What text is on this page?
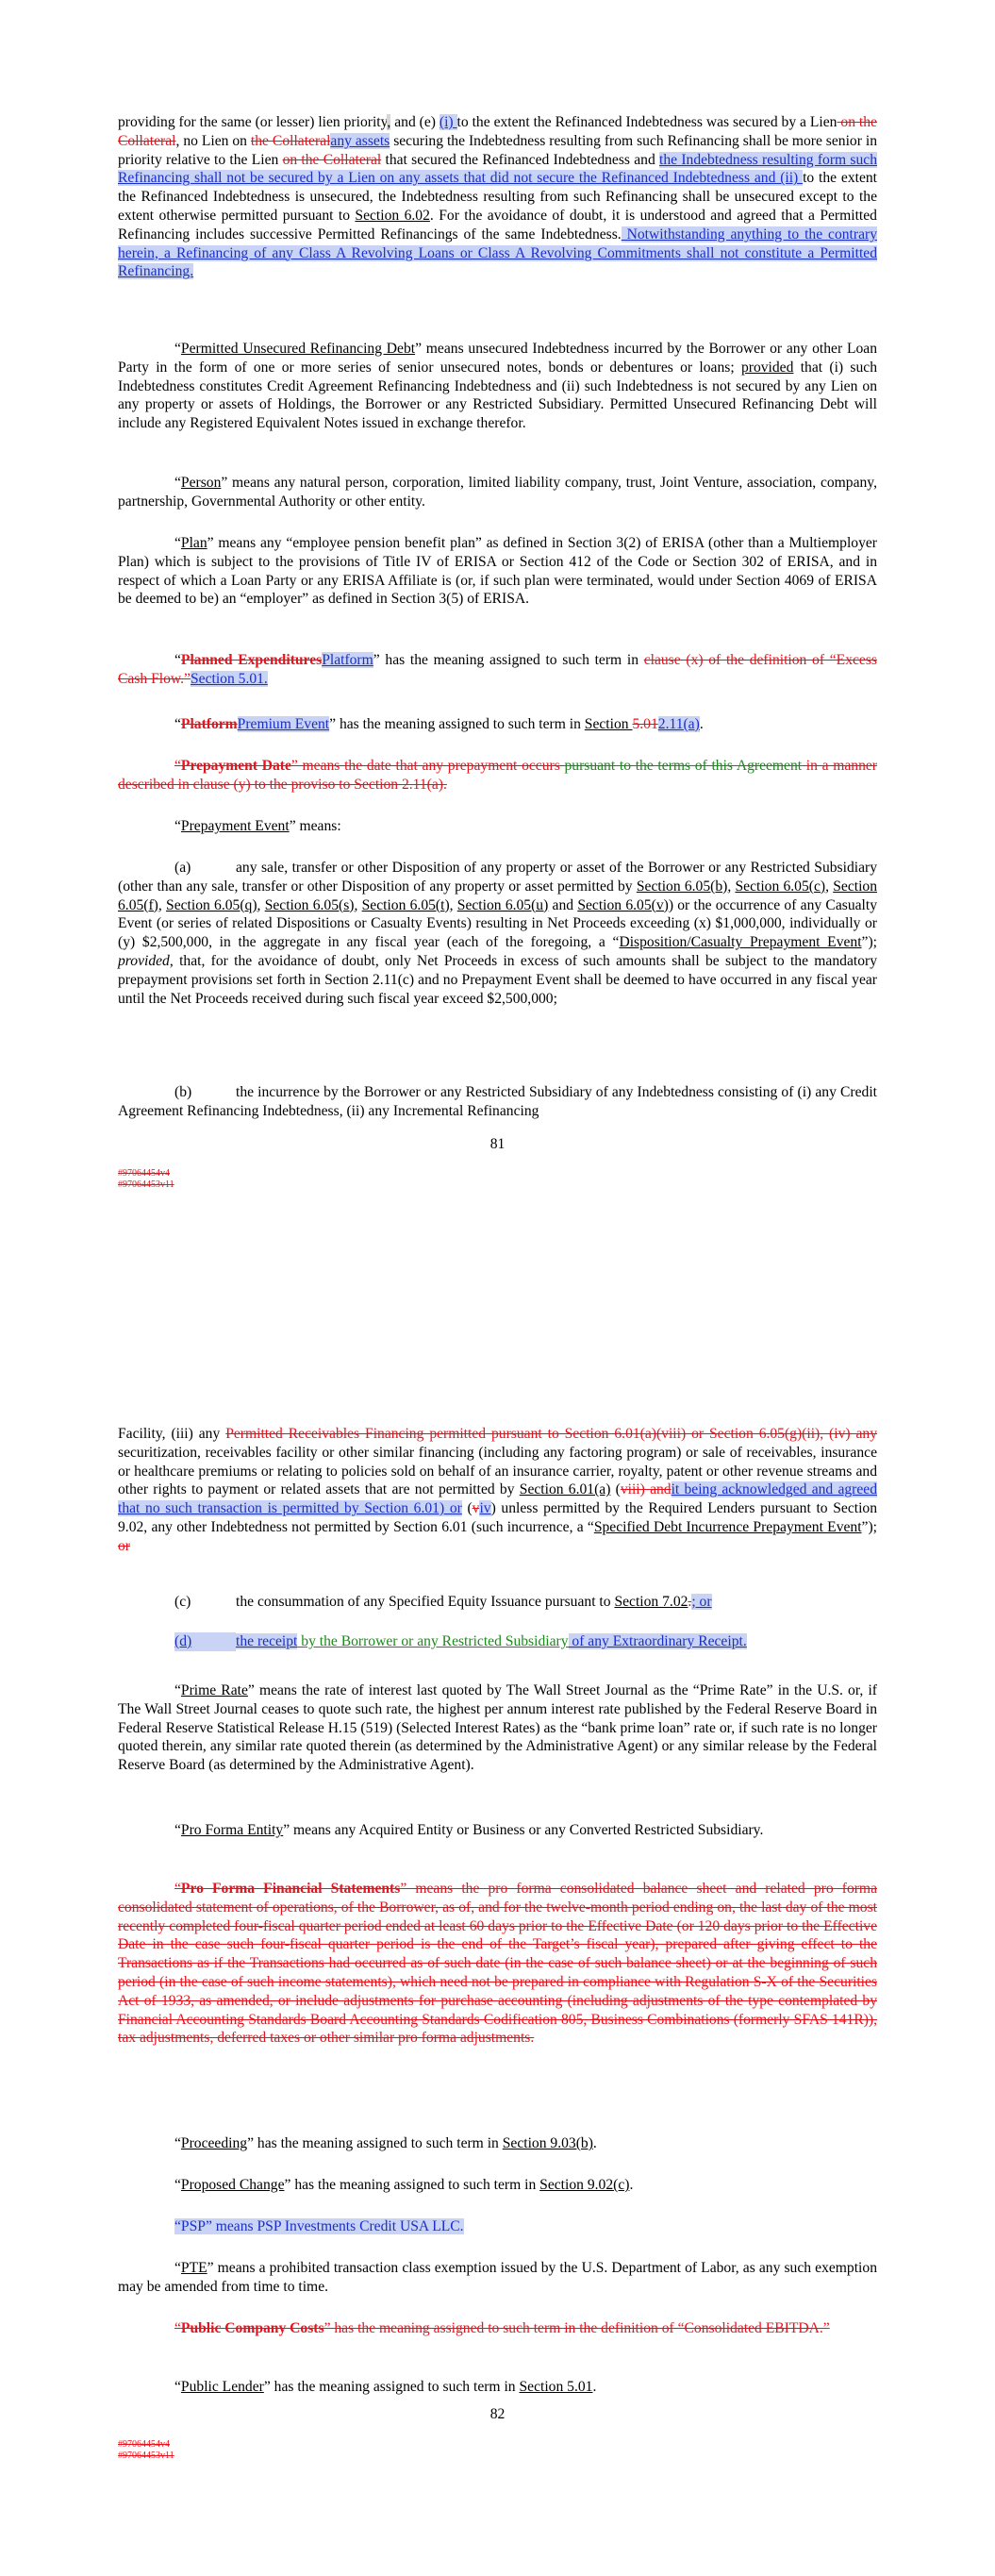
providing for the same (or lesser) lien priority, and (e) (i) to the extent the Refinanced Indebtedness was secured by a Lien on the Collateral, no Lien on the Collateralany assets securing the Indebtedness resulting from such Refinancing shall be more senior in priority relative to the Lien on the Collateral that secured the Refinanced Indebtedness and the Indebtedness resulting form such Refinancing shall not be secured by a Lien on any assets that did not secure the Refinanced Indebtedness and (ii) to the extent the Refinanced Indebtedness is unsecured, the Indebtedness resulting from such Refinancing shall be unsecured except to the extent otherwise permitted pursuant to Section 6.02. For the avoidance of doubt, it is understood and agreed that a Permitted Refinancing includes successive Permitted Refinancings of the same Indebtedness. Notwithstanding anything to the contrary herein, a Refinancing of any Class A Revolving Loans or Class A Revolving Commitments shall not constitute a Permitted Refinancing.

“Permitted Unsecured Refinancing Debt” means unsecured Indebtedness incurred by the Borrower or any other Loan Party in the form of one or more series of senior unsecured notes, bonds or debentures or loans; provided that (i) such Indebtedness constitutes Credit Agreement Refinancing Indebtedness and (ii) such Indebtedness is not secured by any Lien on any property or assets of Holdings, the Borrower or any Restricted Subsidiary. Permitted Unsecured Refinancing Debt will include any Registered Equivalent Notes issued in exchange therefor.

“Person” means any natural person, corporation, limited liability company, trust, Joint Venture, association, company, partnership, Governmental Authority or other entity.

“Plan” means any “employee pension benefit plan” as defined in Section 3(2) of ERISA (other than a Multiemployer Plan) which is subject to the provisions of Title IV of ERISA or Section 412 of the Code or Section 302 of ERISA, and in respect of which a Loan Party or any ERISA Affiliate is (or, if such plan were terminated, would under Section 4069 of ERISA be deemed to be) an “employer” as defined in Section 3(5) of ERISA.

“Planned ExpendituresPlatform” has the meaning assigned to such term in clause (x) of the definition of “Excess Cash Flow.”Section 5.01.

“PlatformPremium Event” has the meaning assigned to such term in Section 5.012.11(a).

“Prepayment Date” means the date that any prepayment occurs pursuant to the terms of this Agreement in a manner described in clause (y) to the proviso to Section 2.11(a).

“Prepayment Event” means:

(a)	any sale, transfer or other Disposition of any property or asset of the Borrower or any Restricted Subsidiary (other than any sale, transfer or other Disposition of any property or asset permitted by Section 6.05(b), Section 6.05(c), Section 6.05(f), Section 6.05(q), Section 6.05(s), Section 6.05(t), Section 6.05(u) and Section 6.05(v)) or the occurrence of any Casualty Event (or series of related Dispositions or Casualty Events) resulting in Net Proceeds exceeding (x) $1,000,000, individually or (y) $2,500,000, in the aggregate in any fiscal year (each of the foregoing, a “Disposition/Casualty Prepayment Event”); provided, that, for the avoidance of doubt, only Net Proceeds in excess of such amounts shall be subject to the mandatory prepayment provisions set forth in Section 2.11(c) and no Prepayment Event shall be deemed to have occurred in any fiscal year until the Net Proceeds received during such fiscal year exceed $2,500,000;

(b)	the incurrence by the Borrower or any Restricted Subsidiary of any Indebtedness consisting of (i) any Credit Agreement Refinancing Indebtedness, (ii) any Incremental Refinancing

81
#97064454v4
#97064453v11

Facility, (iii) any Permitted Receivables Financing permitted pursuant to Section 6.01(a)(viii) or Section 6.05(g)(ii), (iv) any securitization, receivables facility or other similar financing (including any factoring program) or sale of receivables, insurance or healthcare premiums or relating to policies sold on behalf of an insurance carrier, royalty, patent or other revenue streams and other rights to payment or related assets that are not permitted by Section 6.01(a) (viii) andit being acknowledged and agreed that no such transaction is permitted by Section 6.01) or (viv) unless permitted by the Required Lenders pursuant to Section 9.02, any other Indebtedness not permitted by Section 6.01 (such incurrence, a “Specified Debt Incurrence Prepayment Event”); or

(c)	the consummation of any Specified Equity Issuance pursuant to Section 7.02.; or

(d)	the receipt by the Borrower or any Restricted Subsidiary of any Extraordinary Receipt.

“Prime Rate” means the rate of interest last quoted by The Wall Street Journal as the “Prime Rate” in the U.S. or, if The Wall Street Journal ceases to quote such rate, the highest per annum interest rate published by the Federal Reserve Board in Federal Reserve Statistical Release H.15 (519) (Selected Interest Rates) as the “bank prime loan” rate or, if such rate is no longer quoted therein, any similar rate quoted therein (as determined by the Administrative Agent) or any similar release by the Federal Reserve Board (as determined by the Administrative Agent).

“Pro Forma Entity” means any Acquired Entity or Business or any Converted Restricted Subsidiary.

“Pro Forma Financial Statements” means the pro forma consolidated balance sheet and related pro forma consolidated statement of operations, of the Borrower, as of, and for the twelve-month period ending on, the last day of the most recently completed four-fiscal quarter period ended at least 60 days prior to the Effective Date (or 120 days prior to the Effective Date in the case such four-fiscal quarter period is the end of the Target’s fiscal year), prepared after giving effect to the Transactions as if the Transactions had occurred as of such date (in the case of such balance sheet) or at the beginning of such period (in the case of such income statements), which need not be prepared in compliance with Regulation S-X of the Securities Act of 1933, as amended, or include adjustments for purchase accounting (including adjustments of the type contemplated by Financial Accounting Standards Board Accounting Standards Codification 805, Business Combinations (formerly SFAS 141R)), tax adjustments, deferred taxes or other similar pro forma adjustments.

“Proceeding” has the meaning assigned to such term in Section 9.03(b).

“Proposed Change” has the meaning assigned to such term in Section 9.02(c).

“PSP” means PSP Investments Credit USA LLC.

“PTE” means a prohibited transaction class exemption issued by the U.S. Department of Labor, as any such exemption may be amended from time to time.

“Public Company Costs” has the meaning assigned to such term in the definition of “Consolidated EBITDA.”

“Public Lender” has the meaning assigned to such term in Section 5.01.

82
#97064454v4
#97064453v11
